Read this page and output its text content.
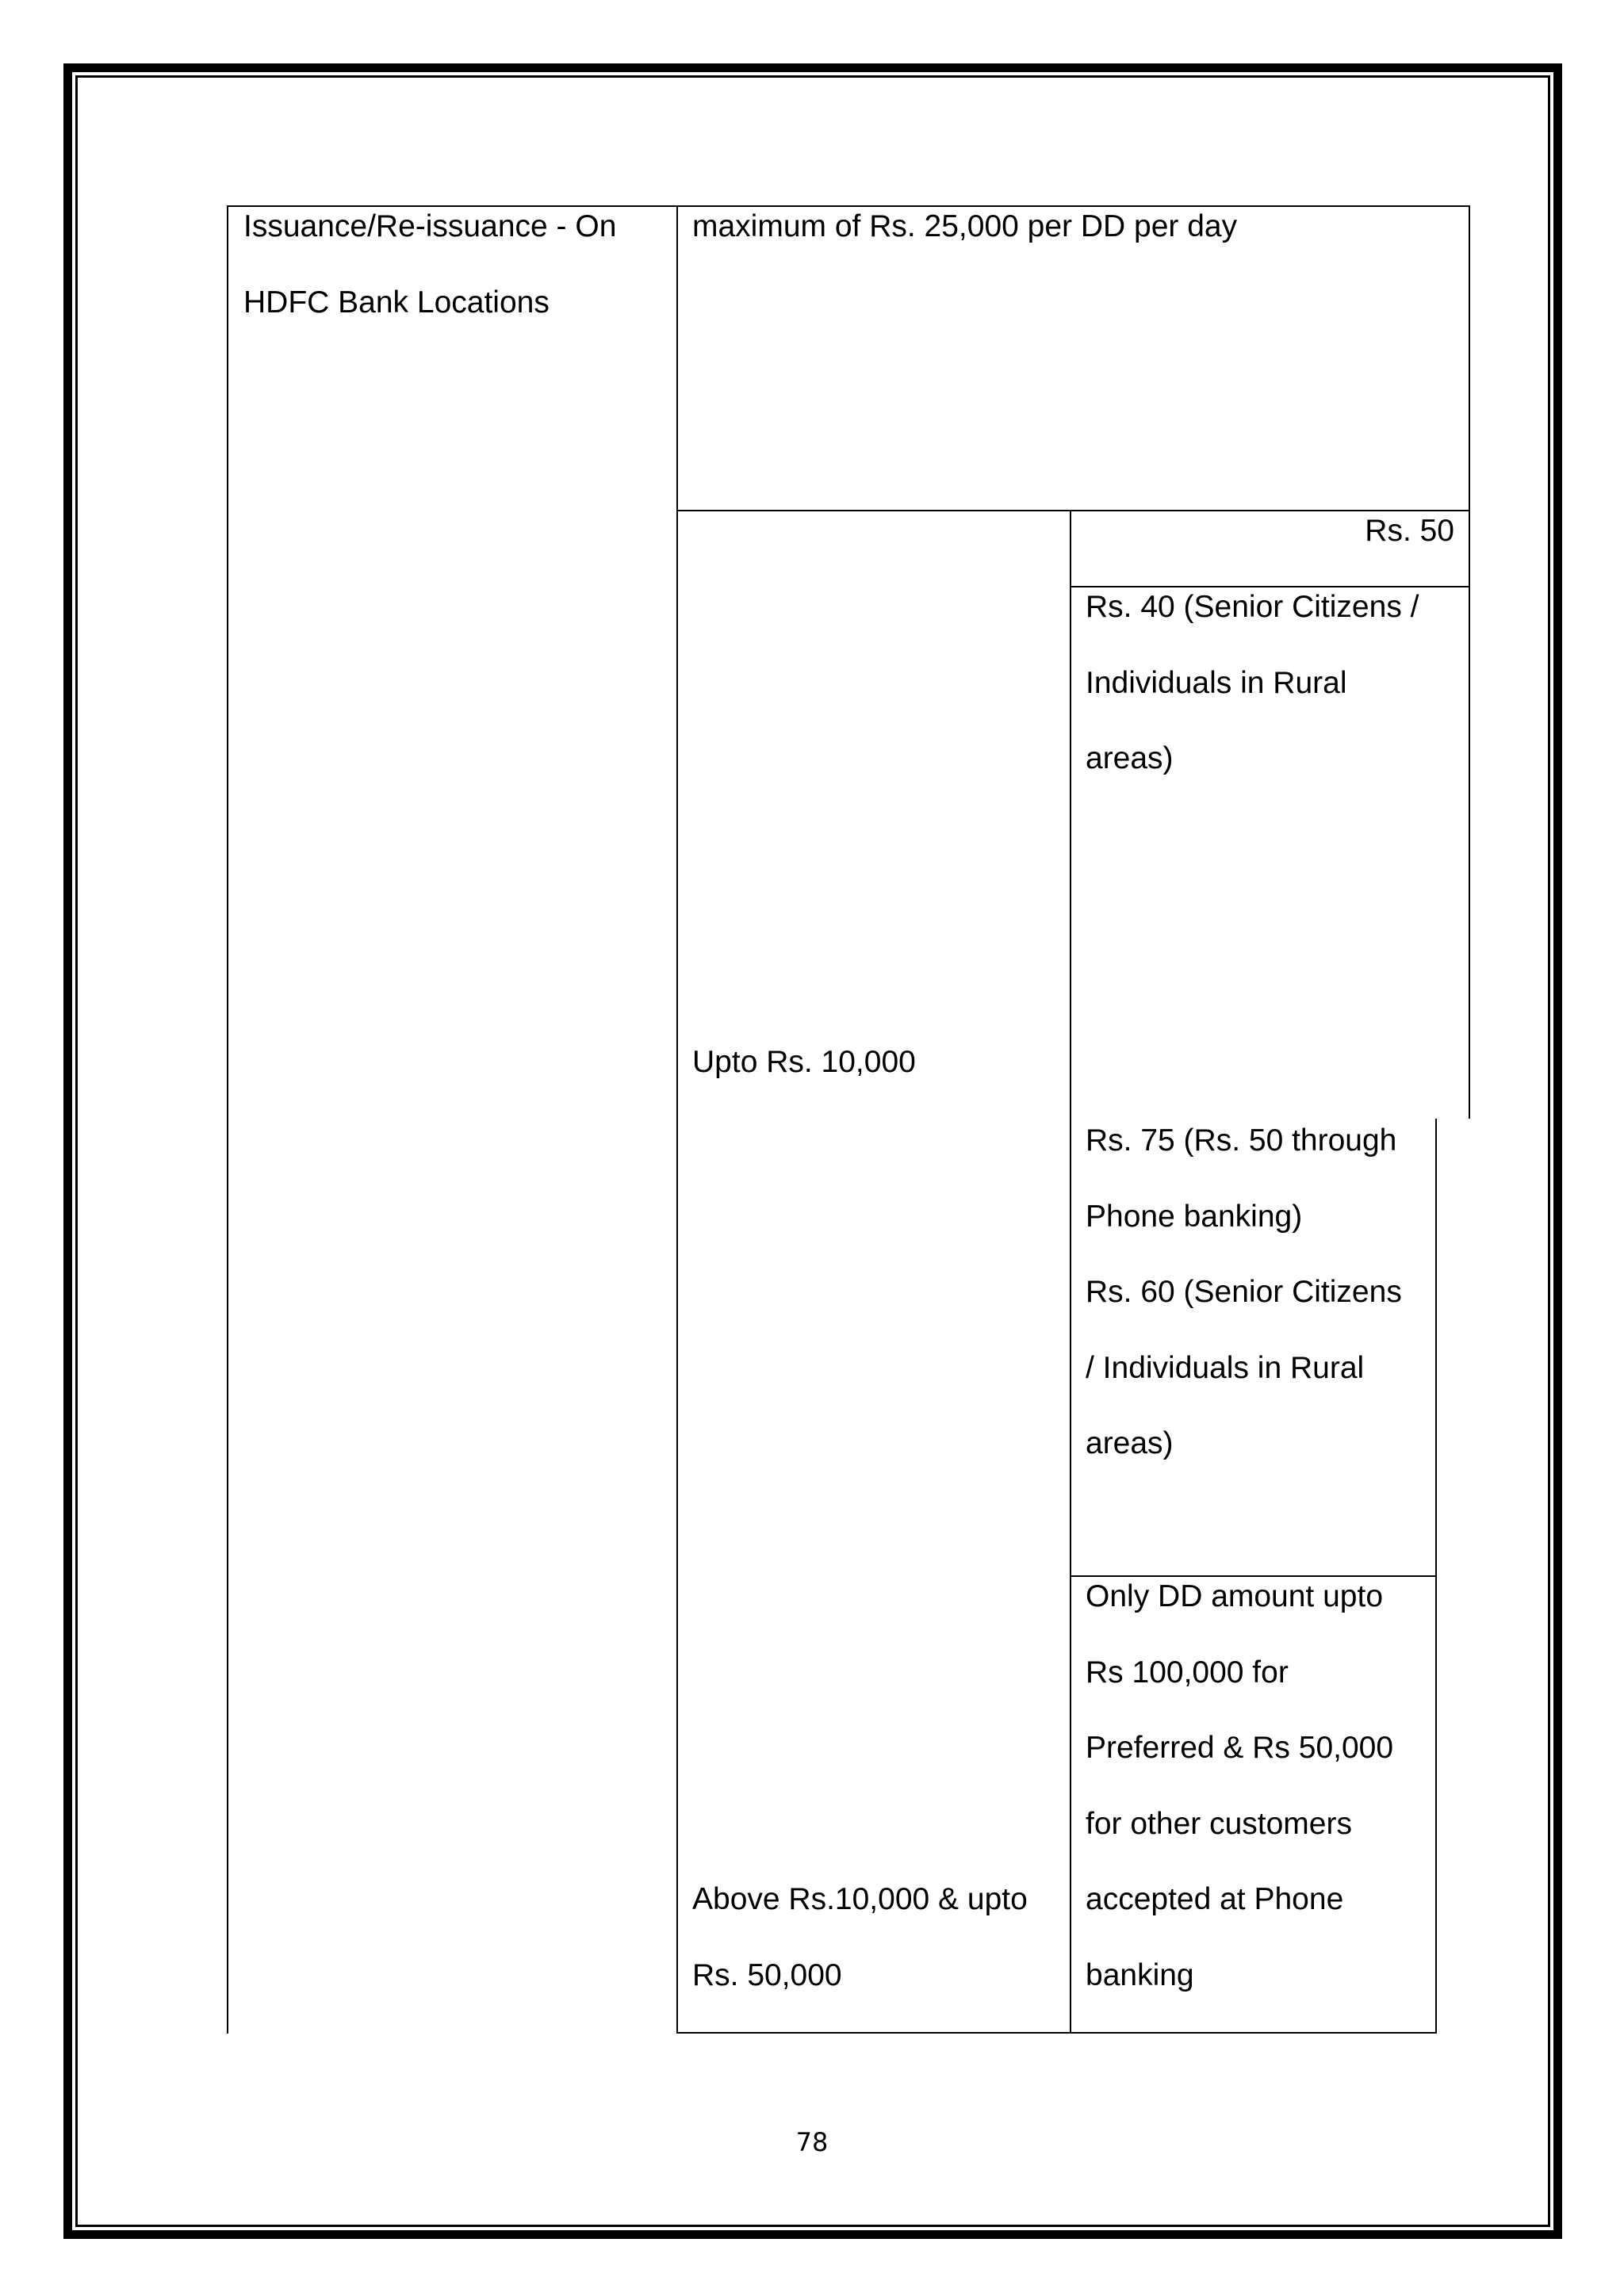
Issuance/Re-issuance - On
HDFC Bank Locations
maximum of Rs. 25,000 per DD per day
Upto Rs. 10,000
Rs. 50
Rs. 40 (Senior Citizens /
Individuals in Rural
areas)
Rs. 75 (Rs. 50 through
Phone banking)
Rs. 60 (Senior Citizens
/ Individuals in Rural
areas)
Only DD amount upto
Rs 100,000 for
Preferred & Rs 50,000
for other customers
accepted at Phone
banking
Above Rs.10,000 & upto
Rs. 50,000
78
